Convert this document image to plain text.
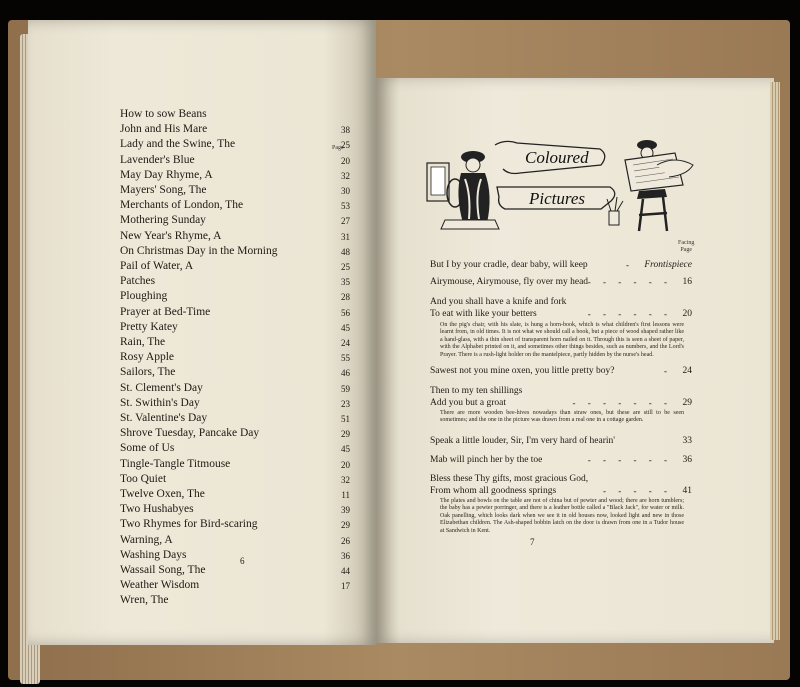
Page
How to sow Beans
John and His Mare	38
Lady and the Swine, The	25
Lavender's Blue	20
May Day Rhyme, A	32
Mayers' Song, The	30
Merchants of London, The	53
Mothering Sunday	27
New Year's Rhyme, A	31
On Christmas Day in the Morning	48
Pail of Water, A	25
Patches	35
Ploughing	28
Prayer at Bed-Time	56
Pretty Katey	45
Rain, The	24
Rosy Apple	55
Sailors, The	46
St. Clement's Day	59
St. Swithin's Day	23
St. Valentine's Day	51
Shrove Tuesday, Pancake Day	29
Some of Us	45
Tingle-Tangle Titmouse	20
Too Quiet	32
Twelve Oxen, The	11
Two Hushabyes	39
Two Rhymes for Bird-scaring	29
Warning, A	26
Washing Days	36
Wassail Song, The	44
Weather Wisdom	17
Wren, The
6
Coloured
Pictures
Facing
Page
But I by your cradle, dear baby, will keep	- Frontispiece
Airymouse, Airymouse, fly over my head - - - - - - 16
And you shall have a knife and fork
To eat with like your betters	- - - - - - 20
On the pig's chair, with his slate, is hung a horn-book, which is what children's first lessons were learnt from, in old times. It is not what we should call a book, but a piece of wood shaped rather like a hand-glass, with a thin sheet of transparent horn nailed on it. Through this is seen a sheet of paper, with the Alphabet printed on it, and sometimes other things besides, such as numbers, and the Lord's Prayer. There is a rush-light holder on the mantelpiece, partly hidden by the nurse's head.
Sawest not you mine oxen, you little pretty boy?	- 24
Then to my ten shillings
Add you but a groat	- - - - - - - 29
There are more wooden bee-hives nowadays than straw ones, but these are still to be seen sometimes; and the one in the picture was drawn from a real one in a cottage garden.
Speak a little louder, Sir, I'm very hard of hearin'	33
Mab will pinch her by the toe	- - - - - - 36
Bless these Thy gifts, most gracious God,
From whom all goodness springs	- - - - - 41
The plates and bowls on the table are not of china but of pewter and wood; there are horn tumblers; the baby has a pewter porringer, and there is a leather bottle called a "Black Jack", for water or milk. Oak panelling, which looks dark when we see it in old houses now, looked light and new in those Elizabethan children. The Ash-shaped bobbin latch on the door is drawn from one in a Tudor house at Sandwich in Kent.
7
